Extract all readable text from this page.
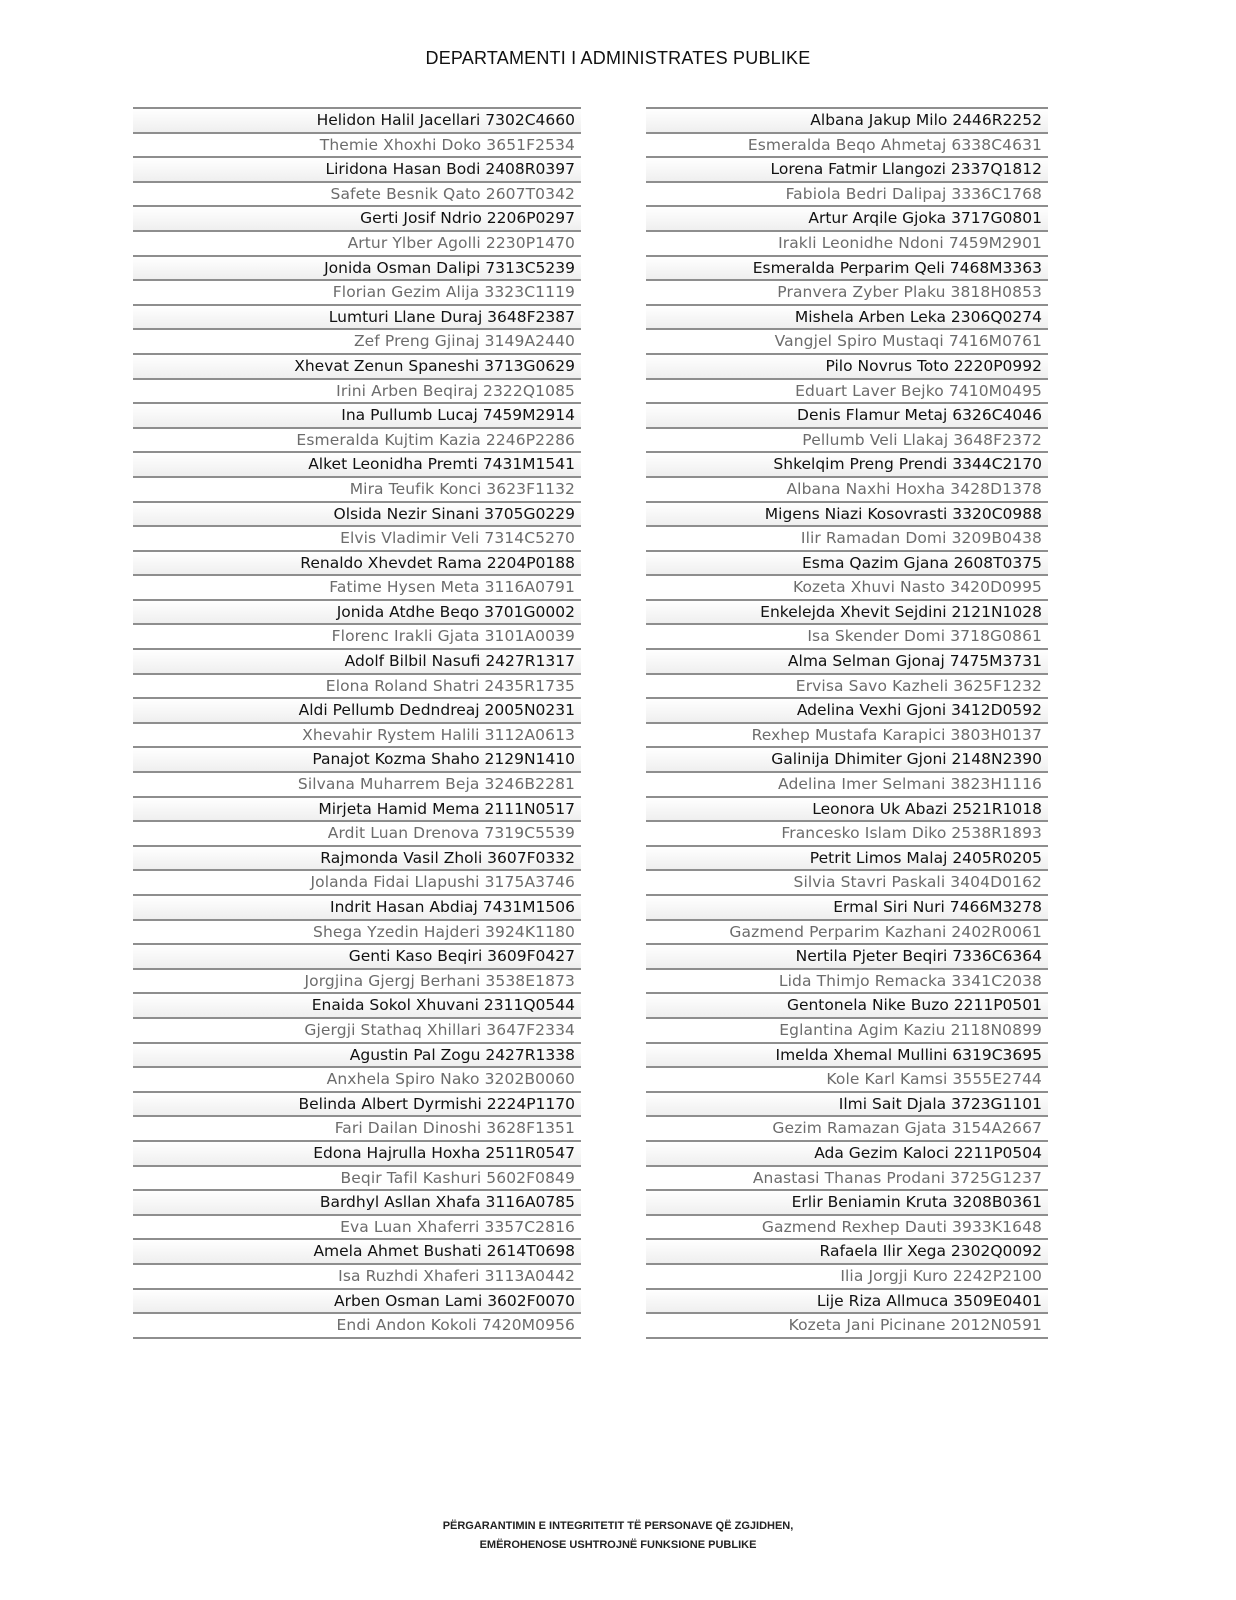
DEPARTAMENTI I ADMINISTRATES PUBLIKE
Helidon Halil Jacellari 7302C4660
Themie Xhoxhi Doko 3651F2534
Liridona Hasan Bodi 2408R0397
Safete Besnik Qato 2607T0342
Gerti Josif Ndrio 2206P0297
Artur Ylber Agolli 2230P1470
Jonida Osman Dalipi 7313C5239
Florian Gezim Alija 3323C1119
Lumturi Llane Duraj 3648F2387
Zef Preng Gjinaj 3149A2440
Xhevat Zenun Spaneshi 3713G0629
Irini Arben Beqiraj 2322Q1085
Ina Pullumb Lucaj 7459M2914
Esmeralda Kujtim Kazia 2246P2286
Alket Leonidha Premti 7431M1541
Mira Teufik Konci 3623F1132
Olsida Nezir Sinani 3705G0229
Elvis Vladimir Veli 7314C5270
Renaldo Xhevdet Rama 2204P0188
Fatime Hysen Meta 3116A0791
Jonida Atdhe Beqo 3701G0002
Florenc Irakli Gjata 3101A0039
Adolf Bilbil Nasufi 2427R1317
Elona Roland Shatri 2435R1735
Aldi Pellumb Dedndreaj 2005N0231
Xhevahir Rystem Halili 3112A0613
Panajot Kozma Shaho 2129N1410
Silvana Muharrem Beja 3246B2281
Mirjeta Hamid Mema 2111N0517
Ardit Luan Drenova 7319C5539
Rajmonda Vasil Zholi 3607F0332
Jolanda Fidai Llapushi 3175A3746
Indrit Hasan Abdiaj 7431M1506
Shega Yzedin Hajderi 3924K1180
Genti Kaso Beqiri 3609F0427
Jorgjina Gjergj Berhani 3538E1873
Enaida Sokol Xhuvani 2311Q0544
Gjergji Stathaq Xhillari 3647F2334
Agustin Pal Zogu 2427R1338
Anxhela Spiro Nako 3202B0060
Belinda Albert Dyrmishi 2224P1170
Fari Dailan Dinoshi 3628F1351
Edona Hajrulla Hoxha 2511R0547
Beqir Tafil Kashuri 5602F0849
Bardhyl Asllan Xhafa 3116A0785
Eva Luan Xhaferri 3357C2816
Amela Ahmet Bushati 2614T0698
Isa Ruzhdi Xhaferi 3113A0442
Arben Osman Lami 3602F0070
Endi Andon Kokoli 7420M0956
Albana Jakup Milo 2446R2252
Esmeralda Beqo Ahmetaj 6338C4631
Lorena Fatmir Llangozi 2337Q1812
Fabiola Bedri Dalipaj 3336C1768
Artur Arqile Gjoka 3717G0801
Irakli Leonidhe Ndoni 7459M2901
Esmeralda Perparim Qeli 7468M3363
Pranvera Zyber Plaku 3818H0853
Mishela Arben Leka 2306Q0274
Vangjel Spiro Mustaqi 7416M0761
Pilo Novrus Toto 2220P0992
Eduart Laver Bejko 7410M0495
Denis Flamur Metaj 6326C4046
Pellumb Veli Llakaj 3648F2372
Shkelqim Preng Prendi 3344C2170
Albana Naxhi Hoxha 3428D1378
Migens Niazi Kosovrasti 3320C0988
Ilir Ramadan Domi 3209B0438
Esma Qazim Gjana 2608T0375
Kozeta Xhuvi Nasto 3420D0995
Enkelejda Xhevit Sejdini 2121N1028
Isa Skender Domi 3718G0861
Alma Selman Gjonaj 7475M3731
Ervisa Savo Kazheli 3625F1232
Adelina Vexhi Gjoni 3412D0592
Rexhep Mustafa Karapici 3803H0137
Galinija Dhimiter Gjoni 2148N2390
Adelina Imer Selmani 3823H1116
Leonora Uk Abazi 2521R1018
Francesko Islam Diko 2538R1893
Petrit Limos Malaj 2405R0205
Silvia Stavri Paskali 3404D0162
Ermal Siri Nuri 7466M3278
Gazmend Perparim Kazhani 2402R0061
Nertila Pjeter Beqiri 7336C6364
Lida Thimjo Remacka 3341C2038
Gentonela Nike Buzo 2211P0501
Eglantina Agim Kaziu 2118N0899
Imelda Xhemal Mullini 6319C3695
Kole Karl Kamsi 3555E2744
Ilmi Sait Djala 3723G1101
Gezim Ramazan Gjata 3154A2667
Ada Gezim Kaloci 2211P0504
Anastasi Thanas Prodani 3725G1237
Erlir Beniamin Kruta 3208B0361
Gazmend Rexhep Dauti 3933K1648
Rafaela Ilir Xega 2302Q0092
Ilia Jorgji Kuro 2242P2100
Lije Riza Allmuca 3509E0401
Kozeta Jani Picinane 2012N0591
PËRGARANTIMIN E INTEGRITETIT TË PERSONAVE QË ZGJIDHEN,
EMËROHENOSE USHTROJNË FUNKSIONE PUBLIKE
